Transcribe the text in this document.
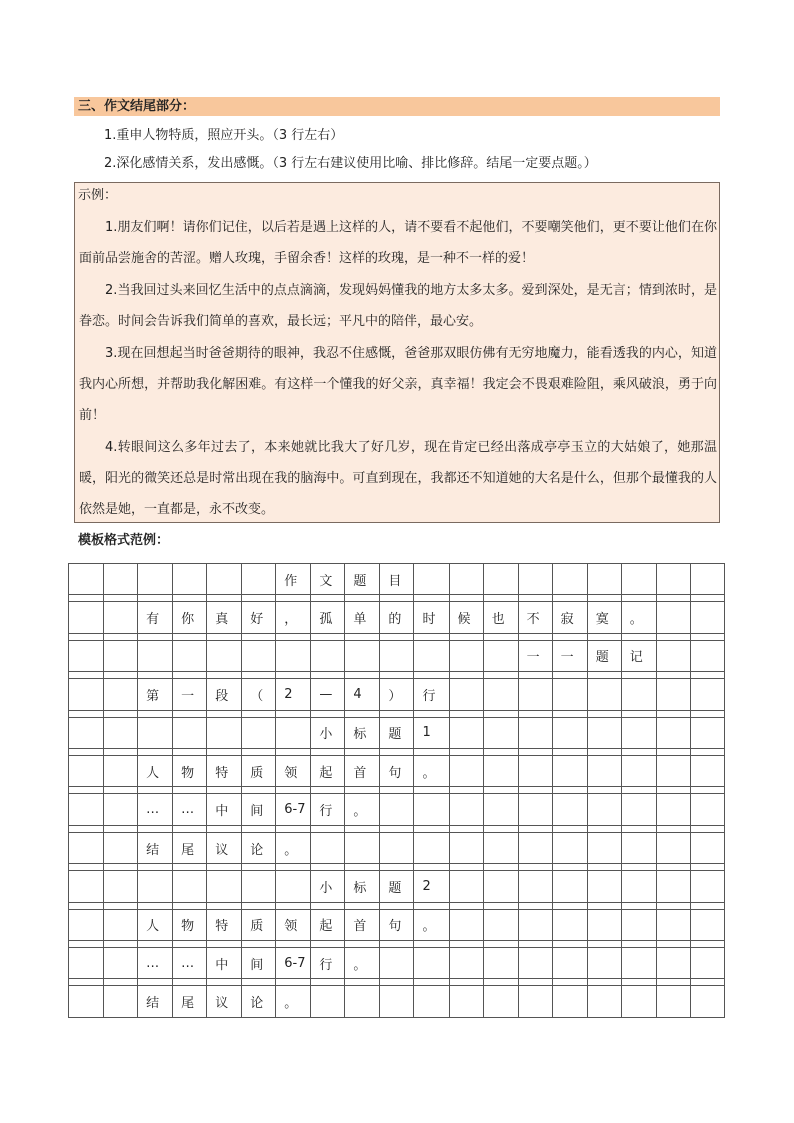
三、作文结尾部分：
1.重申人物特质，照应开头。（3 行左右）
2.深化感情关系，发出感慨。（3 行左右建议使用比喻、排比修辞。结尾一定要点题。）
示例：
1.朋友们啊！请你们记住，以后若是遇上这样的人，请不要看不起他们，不要嘲笑他们，更不要让他们在你面前品尝施舍的苦涩。赠人玫瑰，手留余香！这样的玫瑰，是一种不一样的爱！
2.当我回过头来回忆生活中的点点滴滴，发现妈妈懂我的地方太多太多。爱到深处，是无言；情到浓时，是眷恋。时间会告诉我们简单的喜欢，最长远；平凡中的陪伴，最心安。
3.现在回想起当时爸爸期待的眼神，我忍不住感慨，爸爸那双眼仿佛有无穷地魔力，能看透我的内心，知道我内心所想，并帮助我化解困难。有这样一个懂我的好父亲，真幸福！我定会不畏艰难险阻，乘风破浪，勇于向前！
4.转眼间这么多年过去了，本来她就比我大了好几岁，现在肯定已经出落成亭亭玉立的大姑娘了，她那温暖，阳光的微笑还总是时常出现在我的脑海中。可直到现在，我都还不知道她的大名是什么，但那个最懂我的人依然是她，一直都是，永不改变。
模板格式范例：
						作	文	题	目									

		有	你	真	好	，	孤	单	的	时	候	也	不	寂	寞	。		

													一	一	题	记		

		第	一	段	（	2	—	4	）	行								

							小	标	题	1								

		人	物	特	质	领	起	首	句	。								

		…	…	中	间	6-7	行	。										

		结	尾	议	论	。												

							小	标	题	2								

		人	物	特	质	领	起	首	句	。								

		…	…	中	间	6-7	行	。										

		结	尾	议	论	。												
